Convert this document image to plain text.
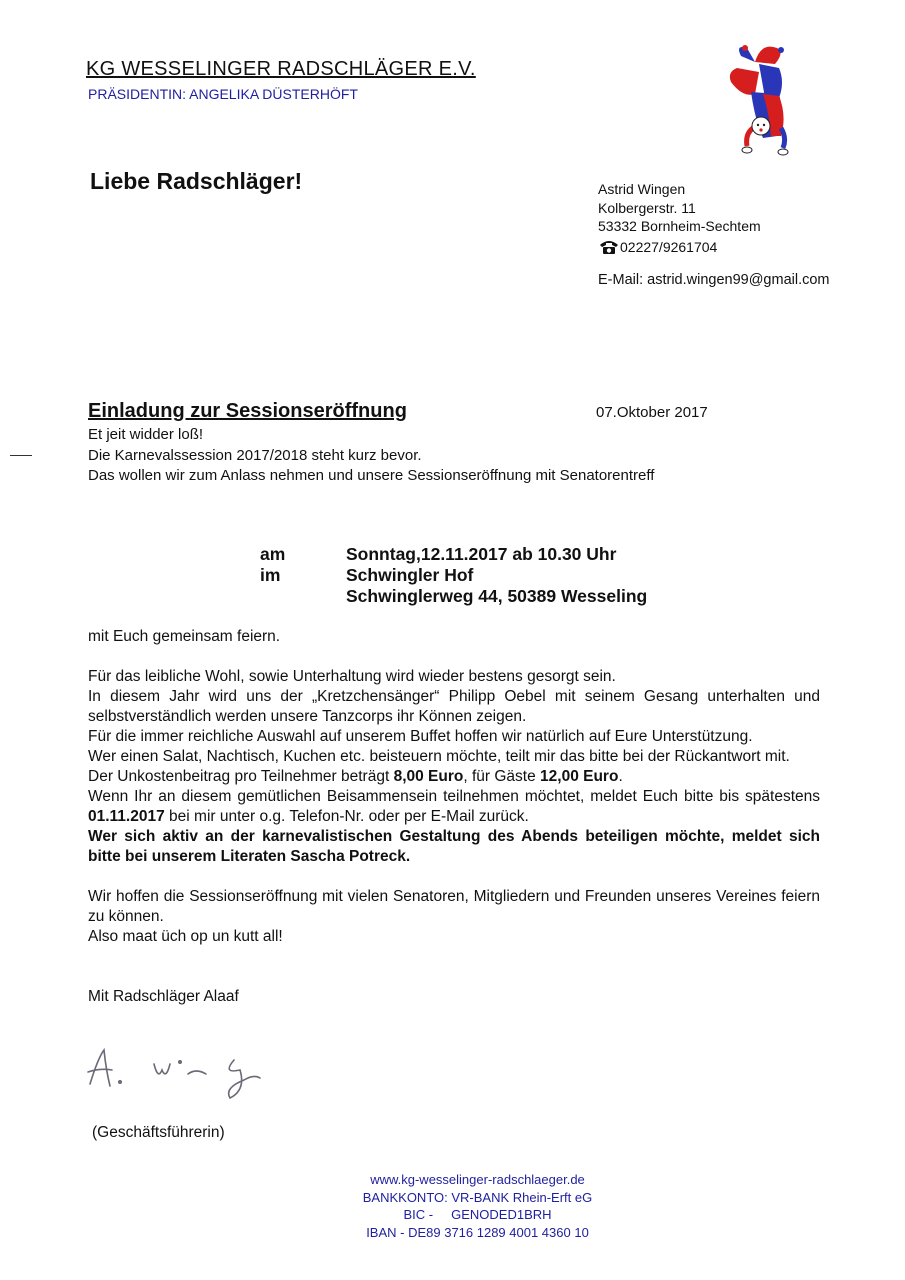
KG WESSELINGER RADSCHLÄGER E.V.
PRÄSIDENTIN: ANGELIKA DÜSTERHÖFT
Liebe Radschläger!	Astrid Wingen
Kolbergerstr. 11
53332 Bornheim-Sechtem
02227/9261704
E-Mail: astrid.wingen99@gmail.com
Einladung zur Sessionseröffnung	07.Oktober 2017
Et jeit widder loß!
Die Karnevalssession 2017/2018 steht kurz bevor.
Das wollen wir zum Anlass nehmen und unsere Sessionseröffnung mit Senatorentreff
am	Sonntag,12.11.2017 ab 10.30 Uhr
im	Schwingler Hof
Schwinglerweg 44, 50389 Wesseling

mit Euch gemeinsam feiern.

Für das leibliche Wohl, sowie Unterhaltung wird wieder bestens gesorgt sein.

In diesem Jahr wird uns der „Kretzchensänger“ Philipp Oebel mit seinem Gesang unterhalten und selbstverständlich werden unsere Tanzcorps ihr Können zeigen.

Für die immer reichliche Auswahl auf unserem Buffet hoffen wir natürlich auf Eure Unterstützung.

Wer einen Salat, Nachtisch, Kuchen etc. beisteuern möchte, teilt mir das bitte bei der Rückantwort mit.

Der Unkostenbeitrag pro Teilnehmer beträgt 8,00 Euro, für Gäste 12,00 Euro.

Wenn Ihr an diesem gemütlichen Beisammensein teilnehmen möchtet, meldet Euch bitte bis spätestens 01.11.2017 bei mir unter o.g. Telefon-Nr. oder per E-Mail zurück.

Wer sich aktiv an der karnevalistischen Gestaltung des Abends beteiligen möchte, meldet sich bitte bei unserem Literaten Sascha Potreck.

Wir hoffen die Sessionseröffnung mit vielen Senatoren, Mitgliedern und Freunden unseres Vereines feiern zu können.

Also maat üch op un kutt all!

Mit Radschläger Alaaf

(Geschäftsführerin)
www.kg-wesselinger-radschlaeger.de
BANKKONTO: VR-BANK Rhein-Erft eG
BIC -     GENODED1BRH
IBAN - DE89 3716 1289 4001 4360 10
